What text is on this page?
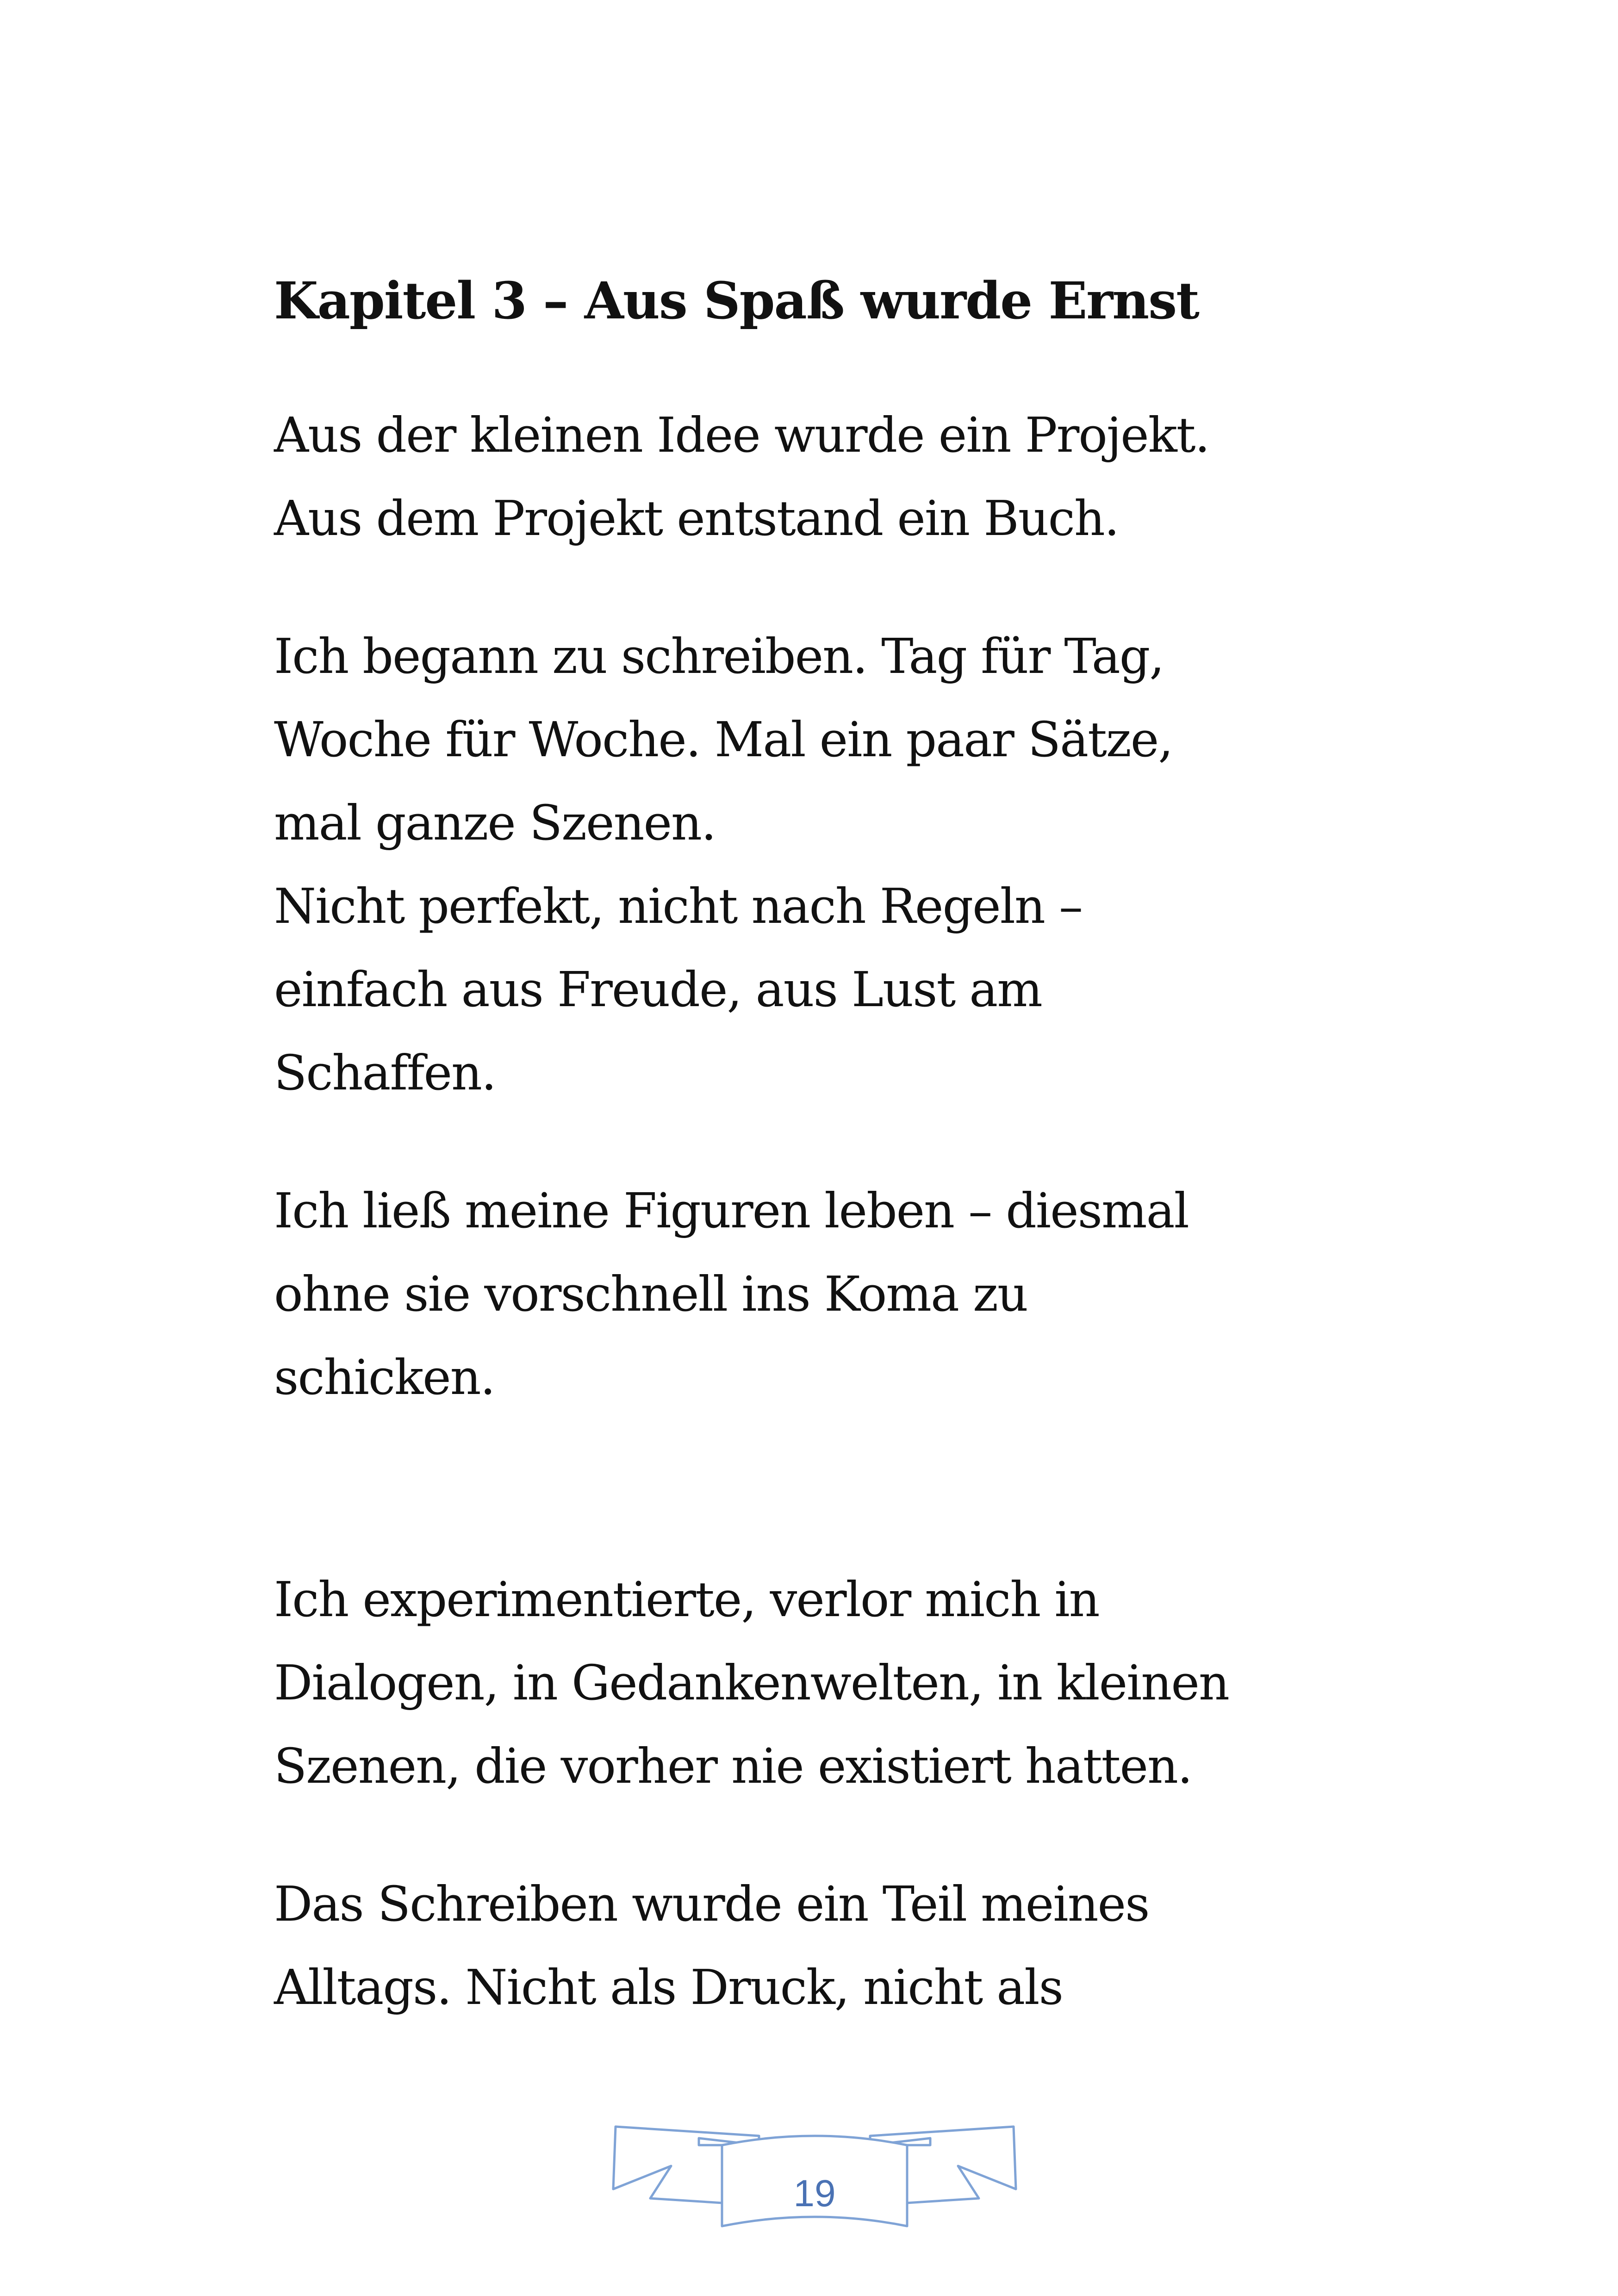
Kapitel 3 – Aus Spaß wurde Ernst

Aus der kleinen Idee wurde ein Projekt.
Aus dem Projekt entstand ein Buch.

Ich begann zu schreiben. Tag für Tag,
Woche für Woche. Mal ein paar Sätze,
mal ganze Szenen.
Nicht perfekt, nicht nach Regeln –
einfach aus Freude, aus Lust am
Schaffen.

Ich ließ meine Figuren leben – diesmal
ohne sie vorschnell ins Koma zu
schicken.

Ich experimentierte, verlor mich in
Dialogen, in Gedankenwelten, in kleinen
Szenen, die vorher nie existiert hatten.

Das Schreiben wurde ein Teil meines
Alltags. Nicht als Druck, nicht als

19
